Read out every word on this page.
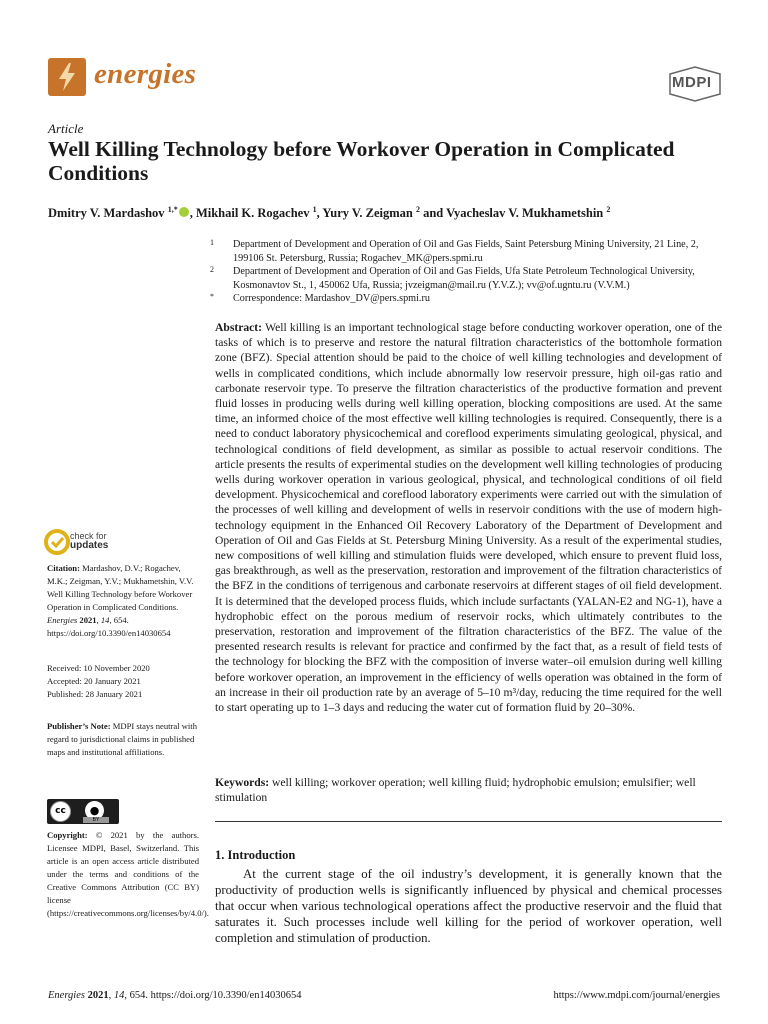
energies	MDPI
Article
Well Killing Technology before Workover Operation in Complicated Conditions
Dmitry V. Mardashov $^{1,*}$ , Mikhail K. Rogachev $^1$, Yury V. Zeigman $^2$ and Vyacheslav V. Mukhametshin $^2$
1	Department of Development and Operation of Oil and Gas Fields, Saint Petersburg Mining University, 21 Line, 2, 199106 St. Petersburg, Russia; Rogachev_MK@pers.spmi.ru
2	Department of Development and Operation of Oil and Gas Fields, Ufa State Petroleum Technological University, Kosmonavtov St., 1, 450062 Ufa, Russia; jvzeigman@mail.ru (Y.V.Z.); vv@of.ugntu.ru (V.V.M.)
*	Correspondence: Mardashov_DV@pers.spmi.ru
Abstract: Well killing is an important technological stage before conducting workover operation, one of the tasks of which is to preserve and restore the natural filtration characteristics of the bottomhole formation zone (BFZ). Special attention should be paid to the choice of well killing technologies and development of wells in complicated conditions, which include abnormally low reservoir pressure, high oil-gas ratio and carbonate reservoir type. To preserve the filtration characteristics of the productive formation and prevent fluid losses in producing wells during well killing operation, blocking compositions are used. At the same time, an informed choice of the most effective well killing technologies is required. Consequently, there is a need to conduct laboratory physicochemical and coreflood experiments simulating geological, physical, and technological conditions of field development, as similar as possible to actual reservoir conditions. The article presents the results of experimental studies on the development well killing technologies of producing wells during workover operation in various geological, physical, and technological conditions of oil field development. Physicochemical and coreflood laboratory experiments were carried out with the simulation of the processes of well killing and development of wells in reservoir conditions with the use of modern high-technology equipment in the Enhanced Oil Recovery Laboratory of the Department of Development and Operation of Oil and Gas Fields at St. Petersburg Mining University. As a result of the experimental studies, new compositions of well killing and stimulation fluids were developed, which ensure to prevent fluid loss, gas breakthrough, as well as the preservation, restoration and improvement of the filtration characteristics of the BFZ in the conditions of terrigenous and carbonate reservoirs at different stages of oil field development. It is determined that the developed process fluids, which include surfactants (YALAN-E2 and NG-1), have a hydrophobic effect on the porous medium of reservoir rocks, which ultimately contributes to the preservation, restoration and improvement of the filtration characteristics of the BFZ. The value of the presented research results is relevant for practice and confirmed by the fact that, as a result of field tests of the technology for blocking the BFZ with the composition of inverse water–oil emulsion during well killing before workover operation, an improvement in the efficiency of wells operation was obtained in the form of an increase in their oil production rate by an average of 5–10 m³/day, reducing the time required for the well to start operating up to 1–3 days and reducing the water cut of formation fluid by 20–30%.
Keywords: well killing; workover operation; well killing fluid; hydrophobic emulsion; emulsifier; well stimulation
1. Introduction
At the current stage of the oil industry’s development, it is generally known that the productivity of production wells is significantly influenced by physical and chemical processes that occur when various technological operations affect the productive reservoir and the fluid that saturates it. Such processes include well killing for the period of workover operation, well completion and stimulation of production.
check for
updates
Citation: Mardashov, D.V.; Rogachev, M.K.; Zeigman, Y.V.; Mukhametshin, V.V. Well Killing Technology before Workover Operation in Complicated Conditions. Energies 2021, 14, 654. https://doi.org/10.3390/en14030654
Received: 10 November 2020
Accepted: 20 January 2021
Published: 28 January 2021
Publisher’s Note: MDPI stays neutral with regard to jurisdictional claims in published maps and institutional affiliations.
cc	●
BY
Copyright: © 2021 by the authors. Licensee MDPI, Basel, Switzerland. This article is an open access article distributed under the terms and conditions of the Creative Commons Attribution (CC BY) license (https://creativecommons.org/licenses/by/4.0/).
Energies 2021, 14, 654. https://doi.org/10.3390/en14030654	https://www.mdpi.com/journal/energies
